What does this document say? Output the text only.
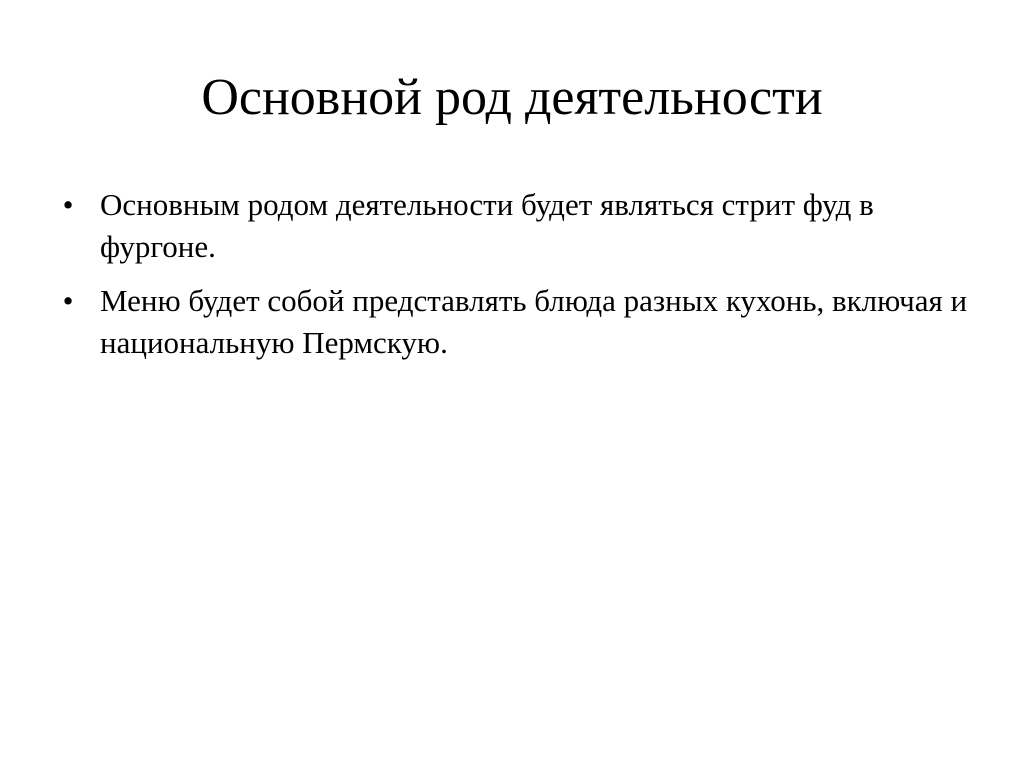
Основной род деятельности
• Основным родом деятельности будет являться стрит фуд в фургоне.
• Меню будет собой представлять блюда разных кухонь, включая и национальную Пермскую.
